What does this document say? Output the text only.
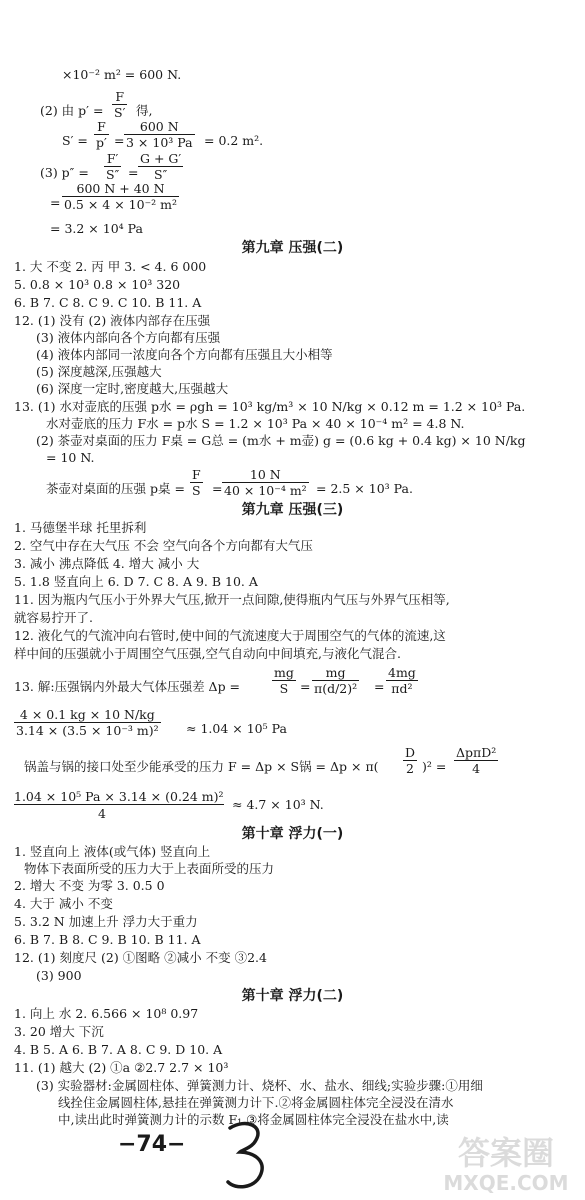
×10⁻² m² = 600 N.
(2) 由 $p' = \frac{F}{S'}$ 得,
$S' = \frac{F}{p'} = \frac{600 N}{\text{3 × 10³ Pa}} = 0.2$ m².
(3) $p'' = \frac{F'}{S''} = \frac{G + G'}{S''}$
= $\frac{600 N + 40 N}{\text{0.5 × 4 × 10⁻² m²}}$
= 3.2 × 10⁴ Pa
第九章 压强(二)
1. 大 不变 2. 丙 甲 3. < 4. 6 000
5. 0.8 × 10³ 0.8 × 10³ 320
6. B 7. C 8. C 9. C 10. B 11. A
12. (1) 没有 (2) 液体内部存在压强
(3) 液体内部向各个方向都有压强
(4) 液体内部同一浓度向各个方向都有压强且大小相等
(5) 深度越深,压强越大
(6) 深度一定时,密度越大,压强越大
13. (1) 水对壶底的压强 p水 = ρgh = 10³ kg/m³ × 10 N/kg × 0.12 m = 1.2 × 10³ Pa.
水对壶底的压力 F水 = p水 S = 1.2 × 10³ Pa × 40 × 10⁻⁴ m² = 4.8 N.
(2) 茶壶对桌面的压力 F桌 = G总 = (m水 + m壶) g = (0.6 kg + 0.4 kg) × 10 N/kg
= 10 N.
茶壶对桌面的压强 p桌 = $\frac{F}{S} = \frac{10 N}{\text{40 × 10⁻⁴ m²}} = 2.5 \times 10^3$ Pa.
第九章 压强(三)
1. 马德堡半球 托里拆利
2. 空气中存在大气压 不会 空气向各个方向都有大气压
3. 减小 沸点降低 4. 增大 减小 大
5. 1.8 竖直向上 6. D 7. C 8. A 9. B 10. A
11. 因为瓶内气压小于外界大气压,掀开一点间隙,使得瓶内气压与外界气压相等,
就容易拧开了.
12. 液化气的气流冲向右管时,使中间的气流速度大于周围空气的气体的流速,这
样中间的压强就小于周围空气压强,空气自动向中间填充,与液化气混合.
13. 解:压强锅内外最大气体压强差 Δp =	$\frac{mg}{S} = \frac{mg}{\text{π(d/2)²}} = \frac{4mg}{\text{πd²}}$
$\frac{4 \times 0.1 kg \times 10 N/kg}{\text{3.14 × (3.5 × 10⁻³ m)²}} \approx 1.04 \times 10^5$ Pa
锅盖与锅的接口处至少能承受的压力 F = Δp × S锅 = $\Delta p \times \pi( \frac{D}{2} )^2$ =
ΔpπD²
4
1.04 × 10⁵ Pa × 3.14 × (0.24 m)²
4
≈ 4.7 × 10³ N.
第十章 浮力(一)
1. 竖直向上 液体(或气体) 竖直向上
物体下表面所受的压力大于上表面所受的压力
2. 增大 不变 为零 3. 0.5 0
4. 大于 减小 不变
5. 3.2 N 加速上升 浮力大于重力
6. B 7. B 8. C 9. B 10. B 11. A
12. (1) 刻度尺 (2) ①图略 ②减小 不变 ③2.4
(3) 900
第十章 浮力(二)
1. 向上 水 2. 6.566 × 10⁸ 0.97
3. 20 增大 下沉
4. B 5. A 6. B 7. A 8. C 9. D 10. A
11. (1) 越大 (2) ①a ②2.7 2.7 × 10³
(3) 实验器材:金属圆柱体、弹簧测力计、烧杯、水、盐水、细线;实验步骤:①用细
线拴住金属圆柱体,悬挂在弹簧测力计下.②将金属圆柱体完全浸没在清水
中,读出此时弹簧测力计的示数 F₁.③将金属圆柱体完全浸没在盐水中,读
−74−	答案圈
MXQE.COM
